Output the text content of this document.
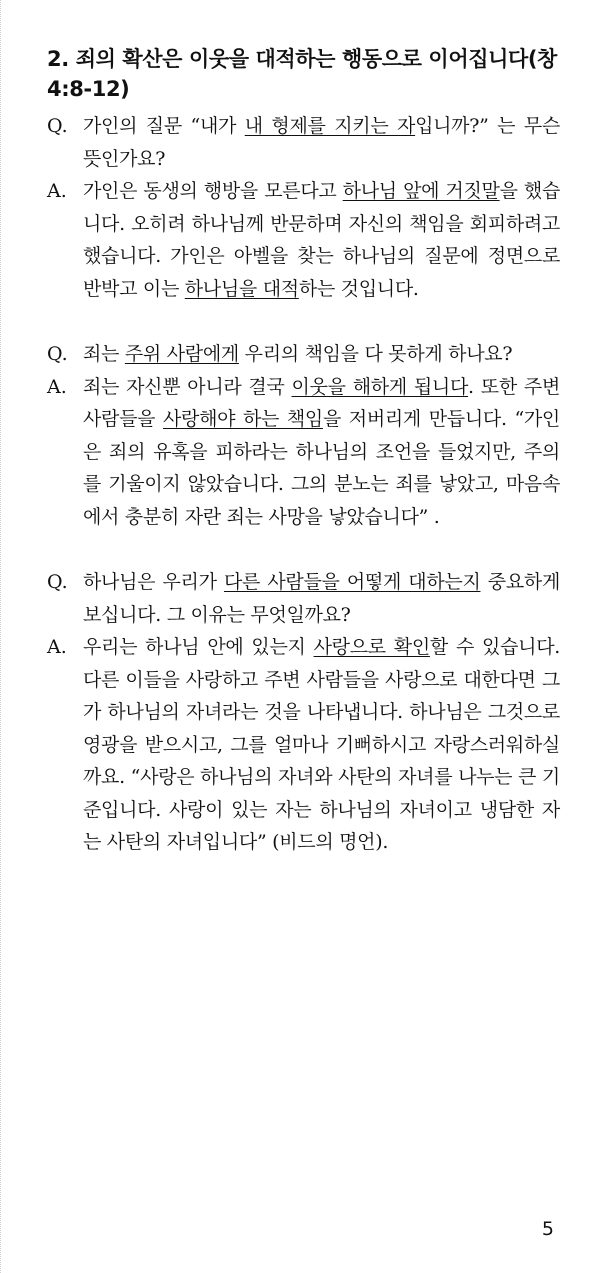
2. 죄의 확산은 이웃을 대적하는 행동으로 이어집니다(창 4:8-12)
Q. 가인의 질문 “내가 내 형제를 지키는 자입니까?” 는 무슨 뜻인가요?
A. 가인은 동생의 행방을 모른다고 하나님 앞에 거짓말을 했습니다. 오히려 하나님께 반문하며 자신의 책임을 회피하려고 했습니다. 가인은 아벨을 찾는 하나님의 질문에 정면으로 반박고 이는 하나님을 대적하는 것입니다.
Q. 죄는 주위 사람에게 우리의 책임을 다 못하게 하나요?
A. 죄는 자신뿐 아니라 결국 이웃을 해하게 됩니다. 또한 주변 사람들을 사랑해야 하는 책임을 저버리게 만듭니다. “가인은 죄의 유혹을 피하라는 하나님의 조언을 들었지만, 주의를 기울이지 않았습니다. 그의 분노는 죄를 낳았고, 마음속에서 충분히 자란 죄는 사망을 낳았습니다” .
Q. 하나님은 우리가 다른 사람들을 어떻게 대하는지 중요하게 보십니다. 그 이유는 무엇일까요?
A. 우리는 하나님 안에 있는지 사랑으로 확인할 수 있습니다. 다른 이들을 사랑하고 주변 사람들을 사랑으로 대한다면 그가 하나님의 자녀라는 것을 나타냅니다. 하나님은 그것으로 영광을 받으시고, 그를 얼마나 기뻐하시고 자랑스러워하실까요. “사랑은 하나님의 자녀와 사탄의 자녀를 나누는 큰 기준입니다. 사랑이 있는 자는 하나님의 자녀이고 냉담한 자는 사탄의 자녀입니다” (비드의 명언).
5
